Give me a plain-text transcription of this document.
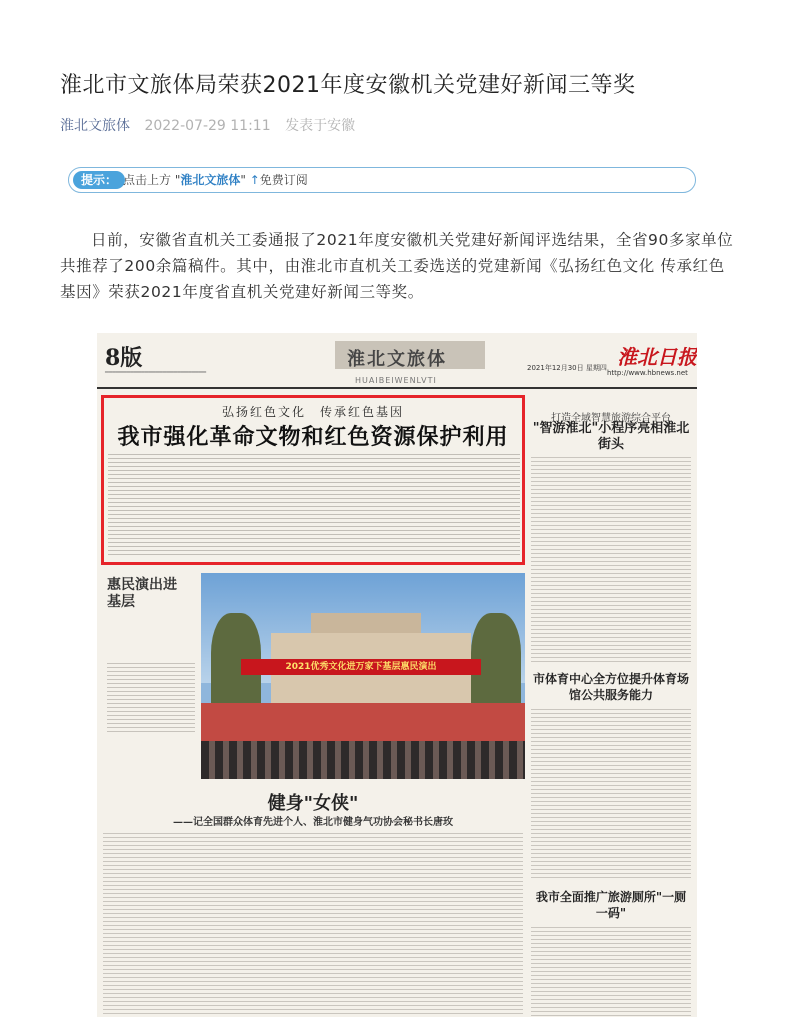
淮北市文旅体局荣获2021年度安徽机关党建好新闻三等奖
淮北文旅体 2022-07-29 11:11 发表于安徽
提示： 点击上方 "淮北文旅体" ↑免费订阅

日前，安徽省直机关工委通报了2021年度安徽机关党建好新闻评选结果，全省90多家单位共推荐了200余篇稿件。其中，由淮北市直机关工委选送的党建新闻《弘扬红色文化 传承红色基因》荣获2021年度省直机关党建好新闻三等奖。

8版
━━━━━━━━━━━━━━━━━━━━━━━━━━━━
淮北文旅体
HUAIBEIWENLVTI
2021年12月30日 星期四 淮北日报
http://www.hbnews.net
弘扬红色文化　传承红色基因
我市强化革命文物和红色资源保护利用
打造全域智慧旅游综合平台
"智游淮北"小程序亮相淮北街头
惠民演出进基层
2021优秀文化进万家下基层惠民演出
市体育中心全方位提升体育场馆公共服务能力
健身"女侠"
——记全国群众体育先进个人、淮北市健身气功协会秘书长唐玫
我市全面推广旅游厕所"一厕一码"
